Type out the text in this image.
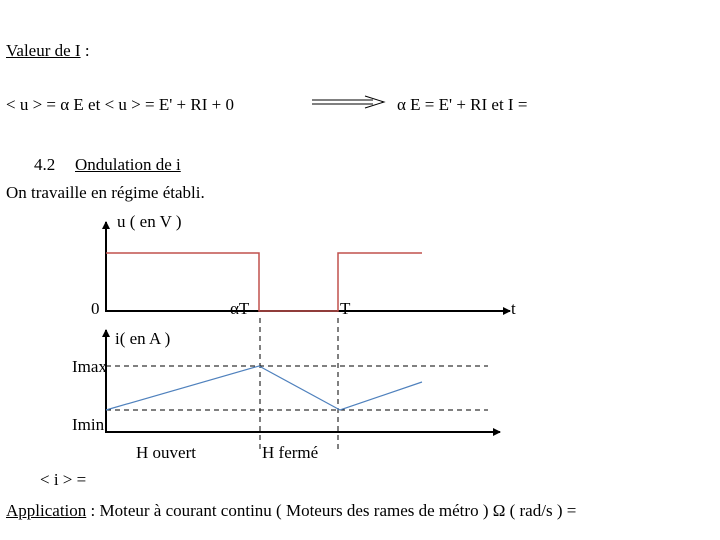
Valeur de I :
< u > = α E et < u > = E' + RI + 0	α E = E' + RI et I =
4.2 Ondulation de i
On travaille en régime établi.
u ( en V )
0	αT	T	t
i( en A )
Imax
Imin
H ouvert	H fermé
< i > =
Application : Moteur à courant continu ( Moteurs des rames de métro ) Ω ( rad/s ) =
